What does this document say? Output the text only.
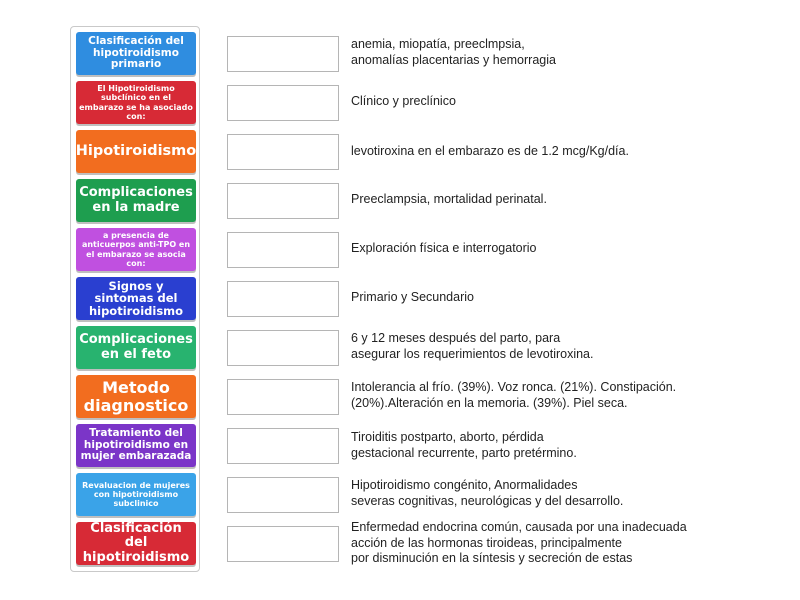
Clasificación del hipotiroidismo primario
El Hipotiroidismo subclínico en el embarazo se ha asociado con:
Hipotiroidismo
Complicaciones en la madre
a presencia de anticuerpos anti-TPO en el embarazo se asocia con:
Signos y sintomas del hipotiroidismo
Complicaciones en el feto
Metodo diagnostico
Tratamiento del hipotiroidismo en mujer embarazada
Revaluacion de mujeres con hipotiroidismo subclinico
Clasificación del hipotiroidismo
anemia, miopatía, preeclmpsia,
anomalías placentarias y hemorragia
Clínico y preclínico
levotiroxina en el embarazo es de 1.2 mcg/Kg/día.
Preeclampsia, mortalidad perinatal.
Exploración física e interrogatorio
Primario y Secundario
6 y 12 meses después del parto, para
asegurar los requerimientos de levotiroxina.
Intolerancia al frío. (39%). Voz ronca. (21%). Constipación.
(20%).Alteración en la memoria. (39%). Piel seca.
Tiroiditis postparto, aborto, pérdida
gestacional recurrente, parto pretérmino.
Hipotiroidismo congénito, Anormalidades
severas cognitivas, neurológicas y del desarrollo.
Enfermedad endocrina común, causada por una inadecuada
acción de las hormonas tiroideas, principalmente
por disminución en la síntesis y secreción de estas
